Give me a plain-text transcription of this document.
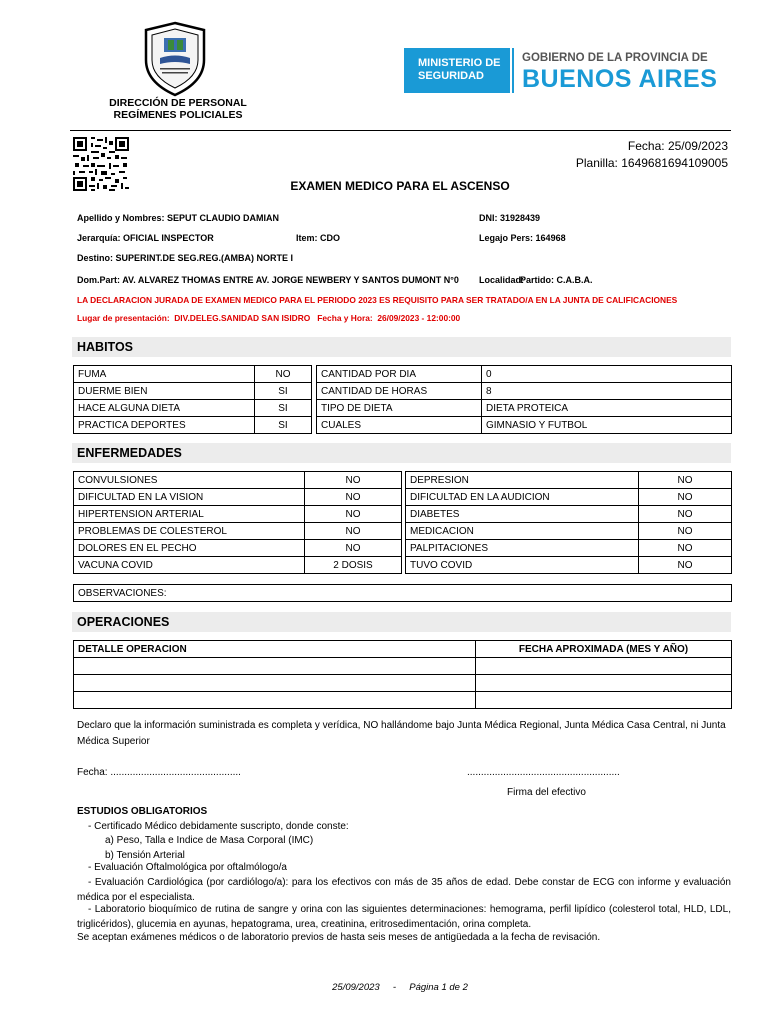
DIRECCIÓN DE PERSONAL
REGÍMENES POLICIALES
MINISTERIO DE
SEGURIDAD
GOBIERNO DE LA PROVINCIA DE
BUENOS AIRES
Fecha: 25/09/2023
Planilla: 1649681694109005
EXAMEN MEDICO PARA EL ASCENSO
Apellido y Nombres: SEPUT CLAUDIO DAMIAN	DNI: 31928439
Jerarquía: OFICIAL INSPECTOR	Item: CDO	Legajo Pers: 164968
Destino: SUPERINT.DE SEG.REG.(AMBA) NORTE I
Dom.Part: AV. ALVAREZ THOMAS ENTRE AV. JORGE NEWBERY Y SANTOS DUMONT N°0 Localidad:
Partido: C.A.B.A.
LA DECLARACION JURADA DE EXAMEN MEDICO PARA EL PERIODO 2023 ES REQUISITO PARA SER TRATADO/A EN LA JUNTA DE CALIFICACIONES
Lugar de presentación:  DIV.DELEG.SANIDAD SAN ISIDRO   Fecha y Hora:  26/09/2023 - 12:00:00
HABITOS
FUMA	NO
DUERME BIEN	SI
HACE ALGUNA DIETA	SI
PRACTICA DEPORTES	SI
CANTIDAD POR DIA	0
CANTIDAD DE HORAS	8
TIPO DE DIETA	DIETA PROTEICA
CUALES	GIMNASIO Y FUTBOL
ENFERMEDADES
CONVULSIONES	NO
DIFICULTAD EN LA VISION	NO
HIPERTENSION ARTERIAL	NO
PROBLEMAS DE COLESTEROL	NO
DOLORES EN EL PECHO	NO
VACUNA COVID	2 DOSIS
DEPRESION	NO
DIFICULTAD EN LA AUDICION	NO
DIABETES	NO
MEDICACION	NO
PALPITACIONES	NO
TUVO COVID	NO
OBSERVACIONES:
OPERACIONES
DETALLE OPERACION	FECHA APROXIMADA (MES Y AÑO)

Declaro que la información suministrada es completa y verídica, NO hallándome bajo Junta Médica Regional, Junta Médica Casa Central, ni Junta Médica Superior
Fecha: ...............................................	.......................................................
Firma del efectivo
ESTUDIOS OBLIGATORIOS
- Certificado Médico debidamente suscripto, donde conste:
a) Peso, Talla e Indice de Masa Corporal (IMC)
b) Tensión Arterial
- Evaluación Oftalmológica por oftalmólogo/a
- Evaluación Cardiológica (por cardiólogo/a): para los efectivos con más de 35 años de edad. Debe constar de ECG con informe y evaluación médica por el especialista.
- Laboratorio bioquímico de rutina de sangre y orina con las siguientes determinaciones: hemograma, perfil lipídico (colesterol total, HLD, LDL, triglicéridos), glucemia en ayunas, hepatograma, urea, creatinina, eritrosedimentación, orina completa.
Se aceptan exámenes médicos o de laboratorio previos de hasta seis meses de antigüedada a la fecha de revisación.
25/09/2023     -     Página 1 de 2
